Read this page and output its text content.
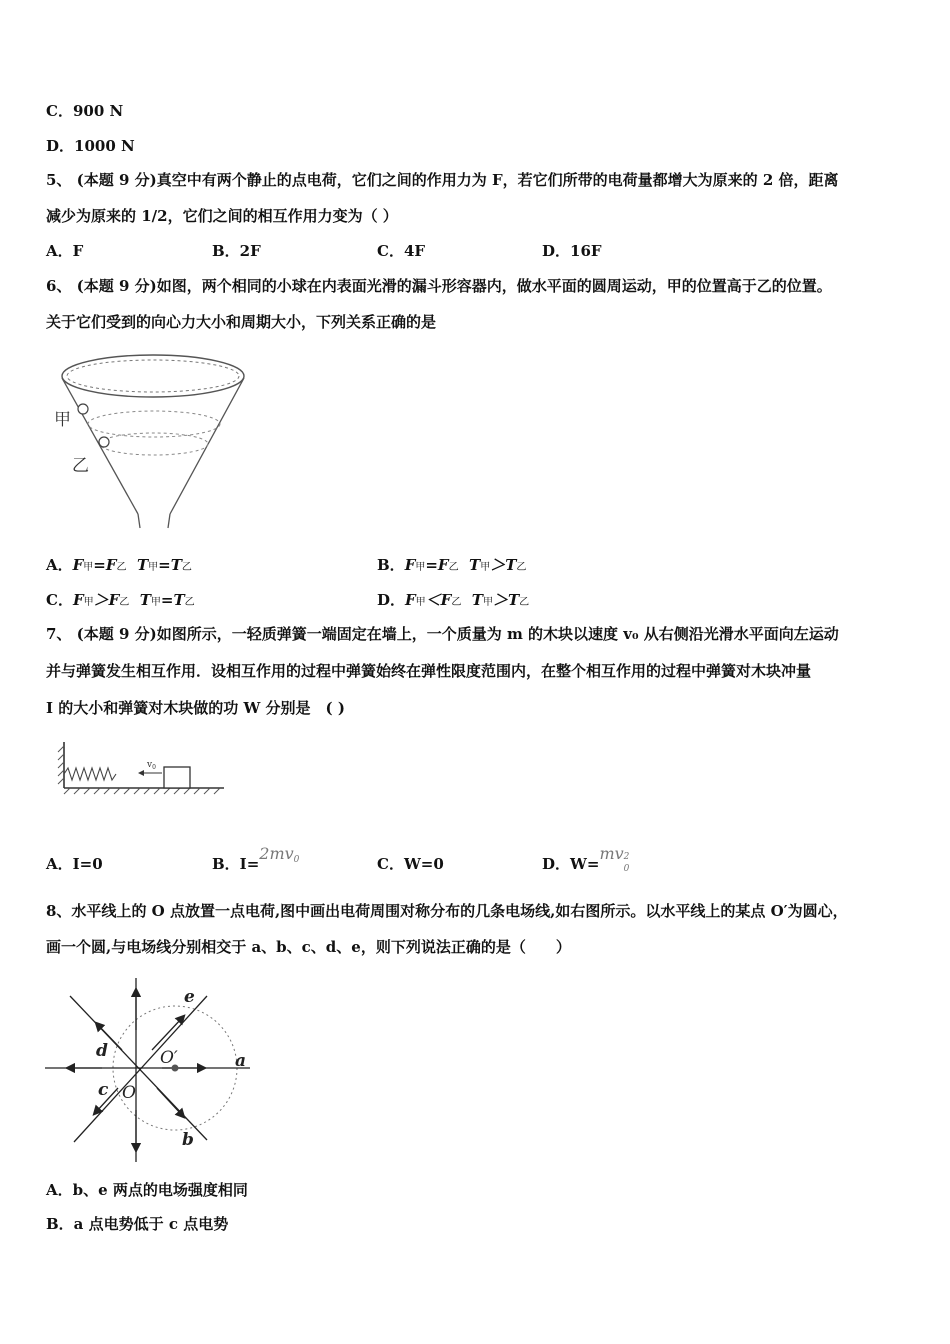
C．900 N
D．1000 N
5、 (本题 9 分)真空中有两个静止的点电荷，它们之间的作用力为 F，若它们所带的电荷量都增大为原来的 2 倍，距离
减少为原来的 1/2，它们之间的相互作用力变为（ ）
A．F	B．2F	C．4F	D．16F
6、 (本题 9 分)如图，两个相同的小球在内表面光滑的漏斗形容器内，做水平面的圆周运动，甲的位置高于乙的位置。
关于它们受到的向心力大小和周期大小，下列关系正确的是
甲
乙
A．F甲=F乙 T甲=T乙	B．F甲=F乙 T甲＞T乙
C．F甲＞F乙 T甲=T乙	D．F甲＜F乙 T甲＞T乙
7、 (本题 9 分)如图所示，一轻质弹簧一端固定在墙上，一个质量为 m 的木块以速度 v₀ 从右侧沿光滑水平面向左运动
并与弹簧发生相互作用．设相互作用的过程中弹簧始终在弹性限度范围内，在整个相互作用的过程中弹簧对木块冲量
I 的大小和弹簧对木块做的功 W 分别是　( )
$v_0$
A．I=0	B．I=2mv0	C．W=0	D．W=mv 2
0
8、水平线上的 O 点放置一点电荷,图中画出电荷周围对称分布的几条电场线,如右图所示。以水平线上的某点 O′为圆心，
画一个圆,与电场线分别相交于 a、b、c、d、e，则下列说法正确的是（　　）
a
b
c
d
e
O
O′
A．b、e 两点的电场强度相同
B．a 点电势低于 c 点电势
